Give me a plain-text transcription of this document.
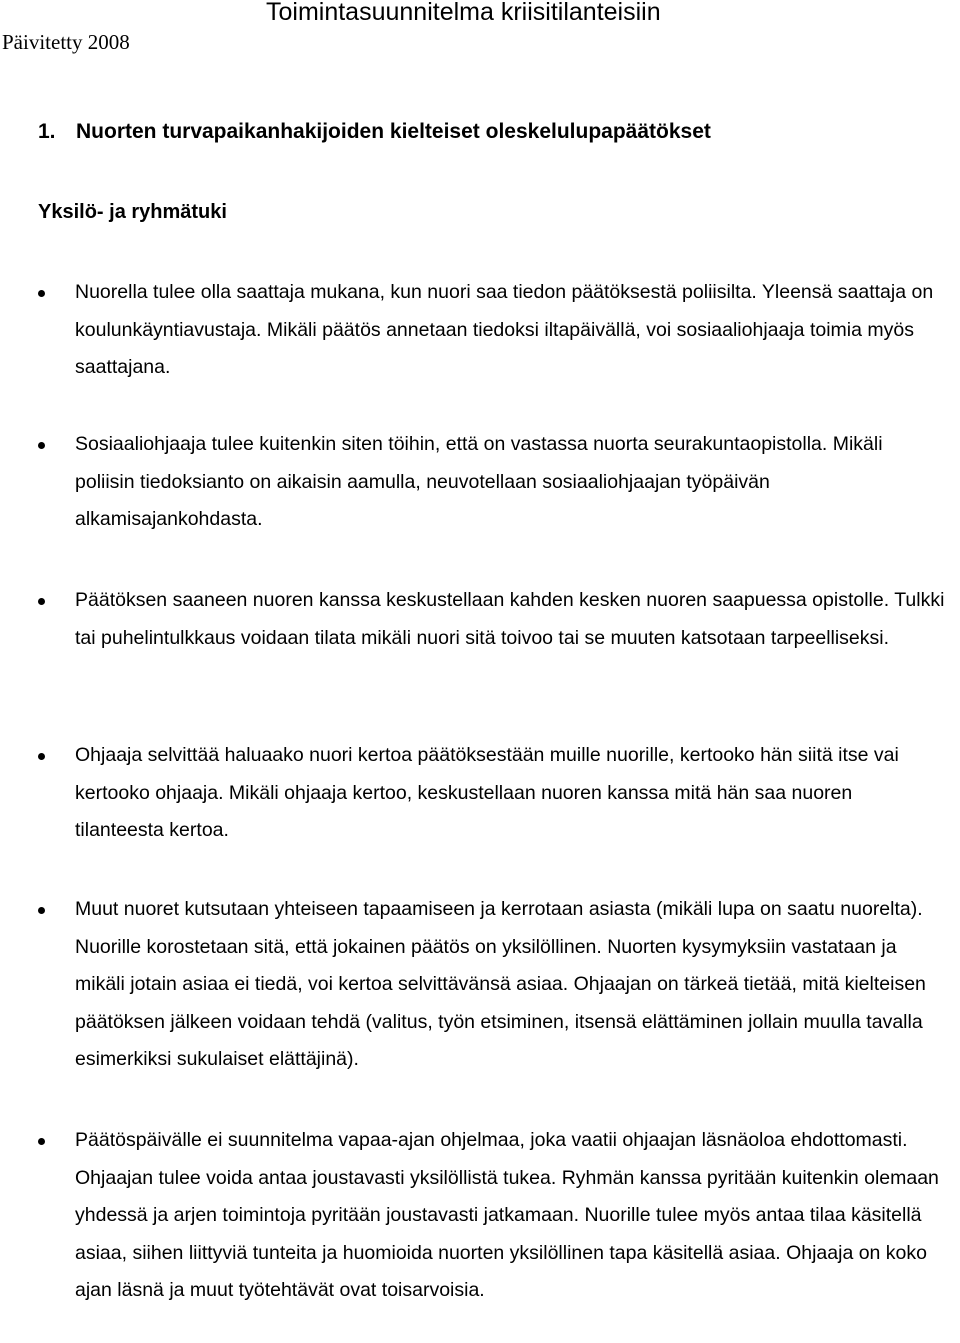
Päivitetty 2008
Toimintasuunnitelma kriisitilanteisiin
1. Nuorten turvapaikanhakijoiden kielteiset oleskelulupapäätökset
Yksilö- ja ryhmätuki
Nuorella tulee olla saattaja mukana, kun nuori saa tiedon päätöksestä poliisilta. Yleensä saattaja on koulunkäyntiavustaja. Mikäli päätös annetaan tiedoksi iltapäivällä, voi sosiaaliohjaaja toimia myös saattajana.
Sosiaaliohjaaja tulee kuitenkin siten töihin, että on vastassa nuorta seurakuntaopistolla. Mikäli poliisin tiedoksianto on aikaisin aamulla, neuvotellaan sosiaaliohjaajan työpäivän alkamisajankohdasta.
Päätöksen saaneen nuoren kanssa keskustellaan kahden kesken nuoren saapuessa opistolle. Tulkki tai puhelintulkkaus voidaan tilata mikäli nuori sitä toivoo tai se muuten katsotaan tarpeelliseksi.
Ohjaaja selvittää haluaako nuori kertoa päätöksestään muille nuorille, kertooko hän siitä itse vai kertooko ohjaaja. Mikäli ohjaaja kertoo, keskustellaan nuoren kanssa mitä hän saa nuoren tilanteesta kertoa.
Muut nuoret kutsutaan yhteiseen tapaamiseen ja kerrotaan asiasta (mikäli lupa on saatu nuorelta). Nuorille korostetaan sitä, että jokainen päätös on yksilöllinen. Nuorten kysymyksiin vastataan ja mikäli jotain asiaa ei tiedä, voi kertoa selvittävänsä asiaa. Ohjaajan on tärkeä tietää, mitä kielteisen päätöksen jälkeen voidaan tehdä (valitus, työn etsiminen, itsensä elättäminen jollain muulla tavalla esimerkiksi sukulaiset elättäjinä).
Päätöspäivälle ei suunnitelma vapaa-ajan ohjelmaa, joka vaatii ohjaajan läsnäoloa ehdottomasti. Ohjaajan tulee voida antaa joustavasti yksilöllistä tukea. Ryhmän kanssa pyritään kuitenkin olemaan yhdessä ja arjen toimintoja pyritään joustavasti jatkamaan. Nuorille tulee myös antaa tilaa käsitellä asiaa, siihen liittyviä tunteita ja huomioida nuorten yksilöllinen tapa käsitellä asiaa. Ohjaaja on koko ajan läsnä ja muut työtehtävät ovat toisarvoisia.
